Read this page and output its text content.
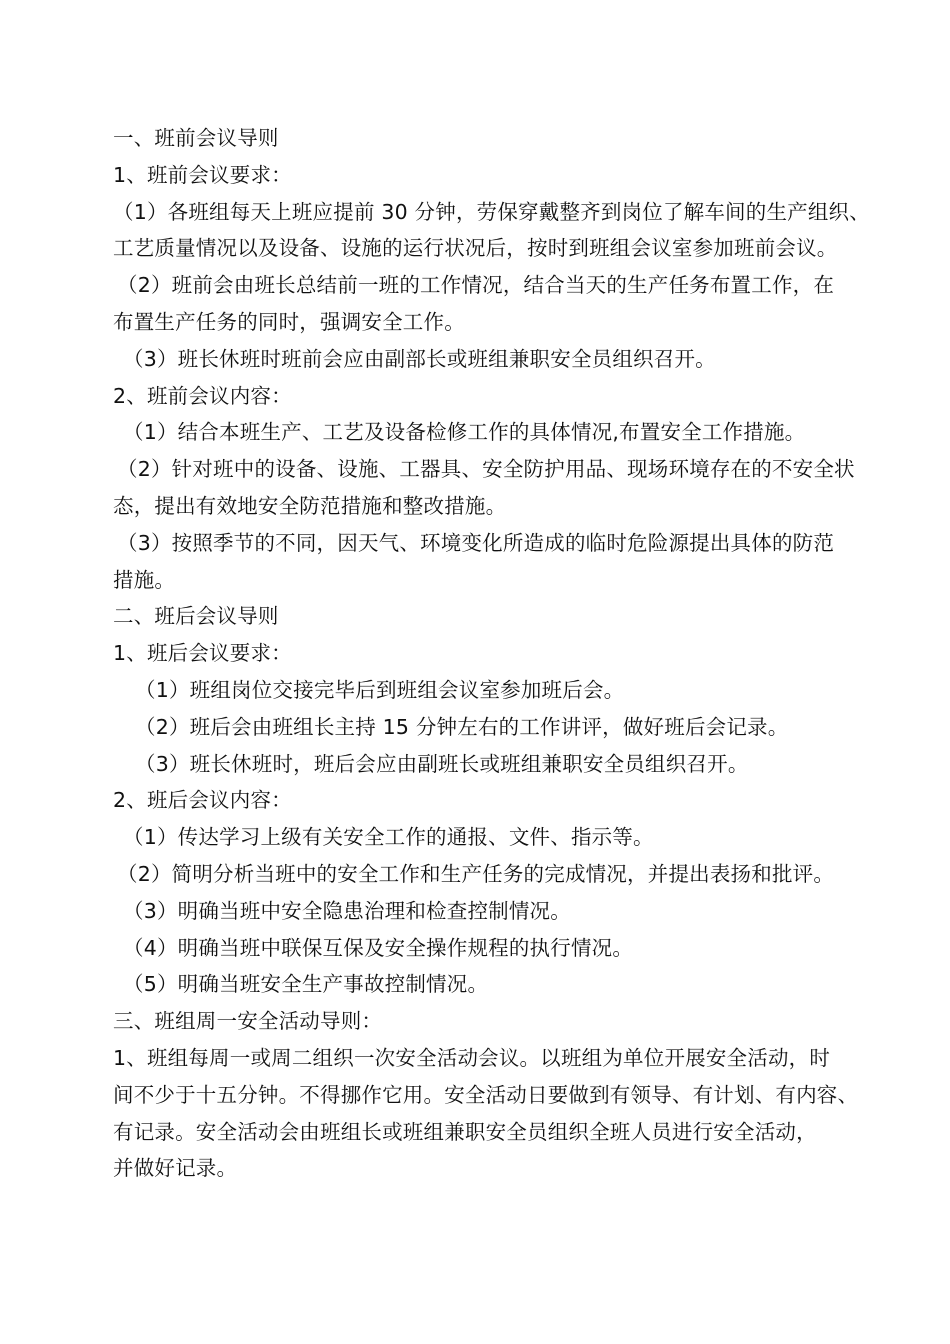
一、班前会议导则
1、班前会议要求：
（1）各班组每天上班应提前 30 分钟，劳保穿戴整齐到岗位了解车间的生产组织、
工艺质量情况以及设备、设施的运行状况后，按时到班组会议室参加班前会议。
（2）班前会由班长总结前一班的工作情况，结合当天的生产任务布置工作，在
布置生产任务的同时，强调安全工作。
（3）班长休班时班前会应由副部长或班组兼职安全员组织召开。
2、班前会议内容：
（1）结合本班生产、工艺及设备检修工作的具体情况,布置安全工作措施。
（2）针对班中的设备、设施、工器具、安全防护用品、现场环境存在的不安全状
态，提出有效地安全防范措施和整改措施。
（3）按照季节的不同，因天气、环境变化所造成的临时危险源提出具体的防范
措施。
二、班后会议导则
1、班后会议要求：
（1）班组岗位交接完毕后到班组会议室参加班后会。
（2）班后会由班组长主持 15 分钟左右的工作讲评，做好班后会记录。
（3）班长休班时，班后会应由副班长或班组兼职安全员组织召开。
2、班后会议内容：
（1）传达学习上级有关安全工作的通报、文件、指示等。
（2）简明分析当班中的安全工作和生产任务的完成情况，并提出表扬和批评。
（3）明确当班中安全隐患治理和检查控制情况。
（4）明确当班中联保互保及安全操作规程的执行情况。
（5）明确当班安全生产事故控制情况。
三、班组周一安全活动导则：
1、班组每周一或周二组织一次安全活动会议。以班组为单位开展安全活动，时
间不少于十五分钟。不得挪作它用。安全活动日要做到有领导、有计划、有内容、
有记录。安全活动会由班组长或班组兼职安全员组织全班人员进行安全活动，
并做好记录。
